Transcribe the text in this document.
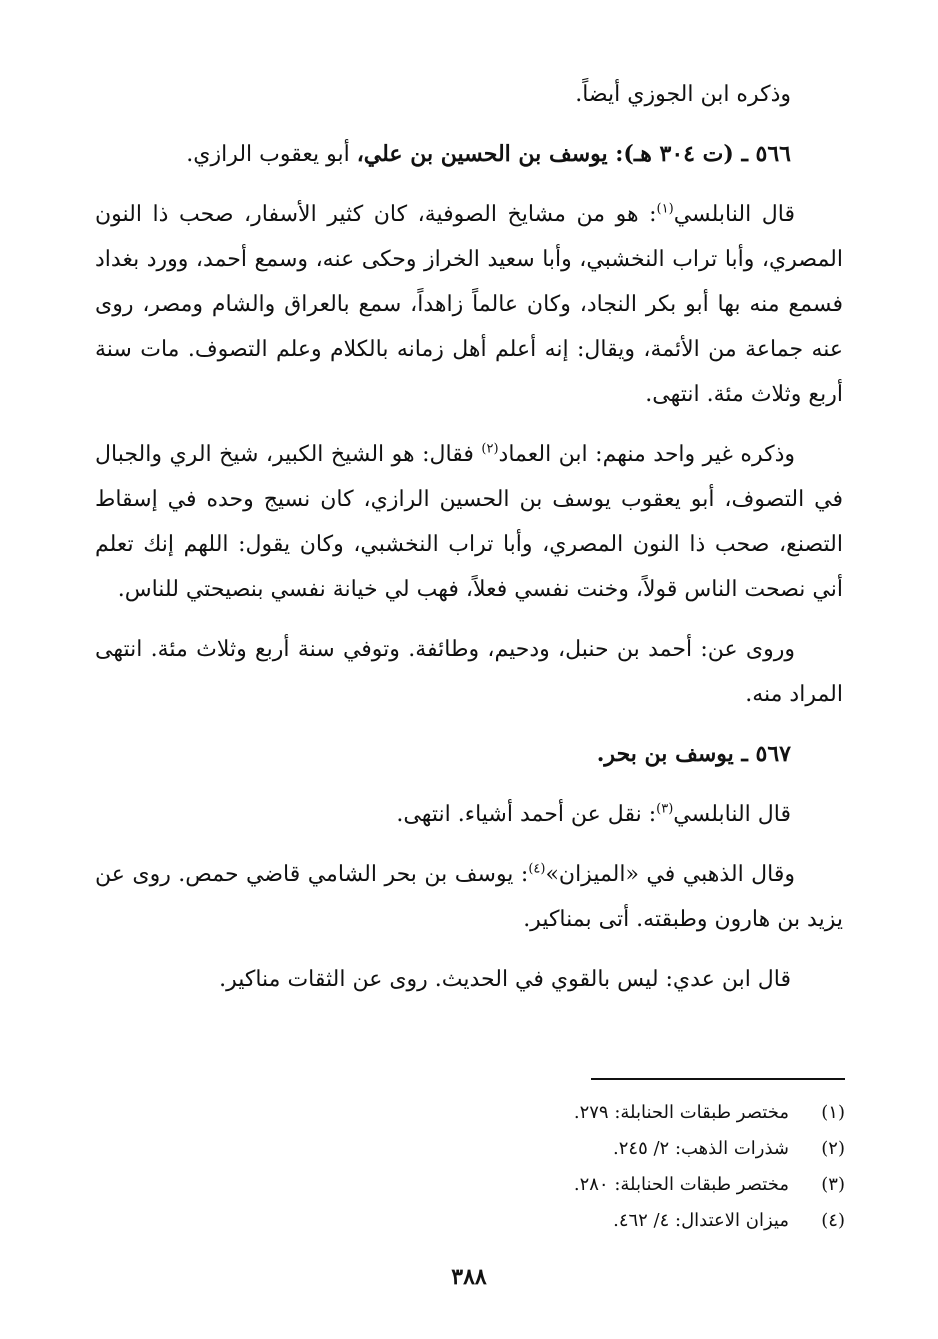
وذكره ابن الجوزي أيضاً.

٥٦٦ ـ (ت ٣٠٤ هـ): يوسف بن الحسين بن علي، أبو يعقوب الرازي.

قال النابلسي$^{(١)}$: هو من مشايخ الصوفية، كان كثير الأسفار، صحب ذا النون المصري، وأبا تراب النخشبي، وأبا سعيد الخراز وحكى عنه، وسمع أحمد، وورد بغداد فسمع منه بها أبو بكر النجاد، وكان عالماً زاهداً، سمع بالعراق والشام ومصر، روى عنه جماعة من الأئمة، ويقال: إنه أعلم أهل زمانه بالكلام وعلم التصوف. مات سنة أربع وثلاث مئة. انتهى.

وذكره غير واحد منهم: ابن العماد$^{(٢)}$ فقال: هو الشيخ الكبير، شيخ الري والجبال في التصوف، أبو يعقوب يوسف بن الحسين الرازي، كان نسيج وحده في إسقاط التصنع، صحب ذا النون المصري، وأبا تراب النخشبي، وكان يقول: اللهم إنك تعلم أني نصحت الناس قولاً، وخنت نفسي فعلاً، فهب لي خيانة نفسي بنصيحتي للناس.

وروى عن: أحمد بن حنبل، ودحيم، وطائفة. وتوفي سنة أربع وثلاث مئة. انتهى المراد منه.

٥٦٧ ـ يوسف بن بحر.

قال النابلسي$^{(٣)}$: نقل عن أحمد أشياء. انتهى.

وقال الذهبي في «الميزان»$^{(٤)}$: يوسف بن بحر الشامي قاضي حمص. روى عن يزيد بن هارون وطبقته. أتى بمناكير.

قال ابن عدي: ليس بالقوي في الحديث. روى عن الثقات مناكير.

(١)مختصر طبقات الحنابلة: ٢٧٩.
(٢)شذرات الذهب: ٢/ ٢٤٥.
(٣)مختصر طبقات الحنابلة: ٢٨٠.
(٤)ميزان الاعتدال: ٤/ ٤٦٢.
٣٨٨
